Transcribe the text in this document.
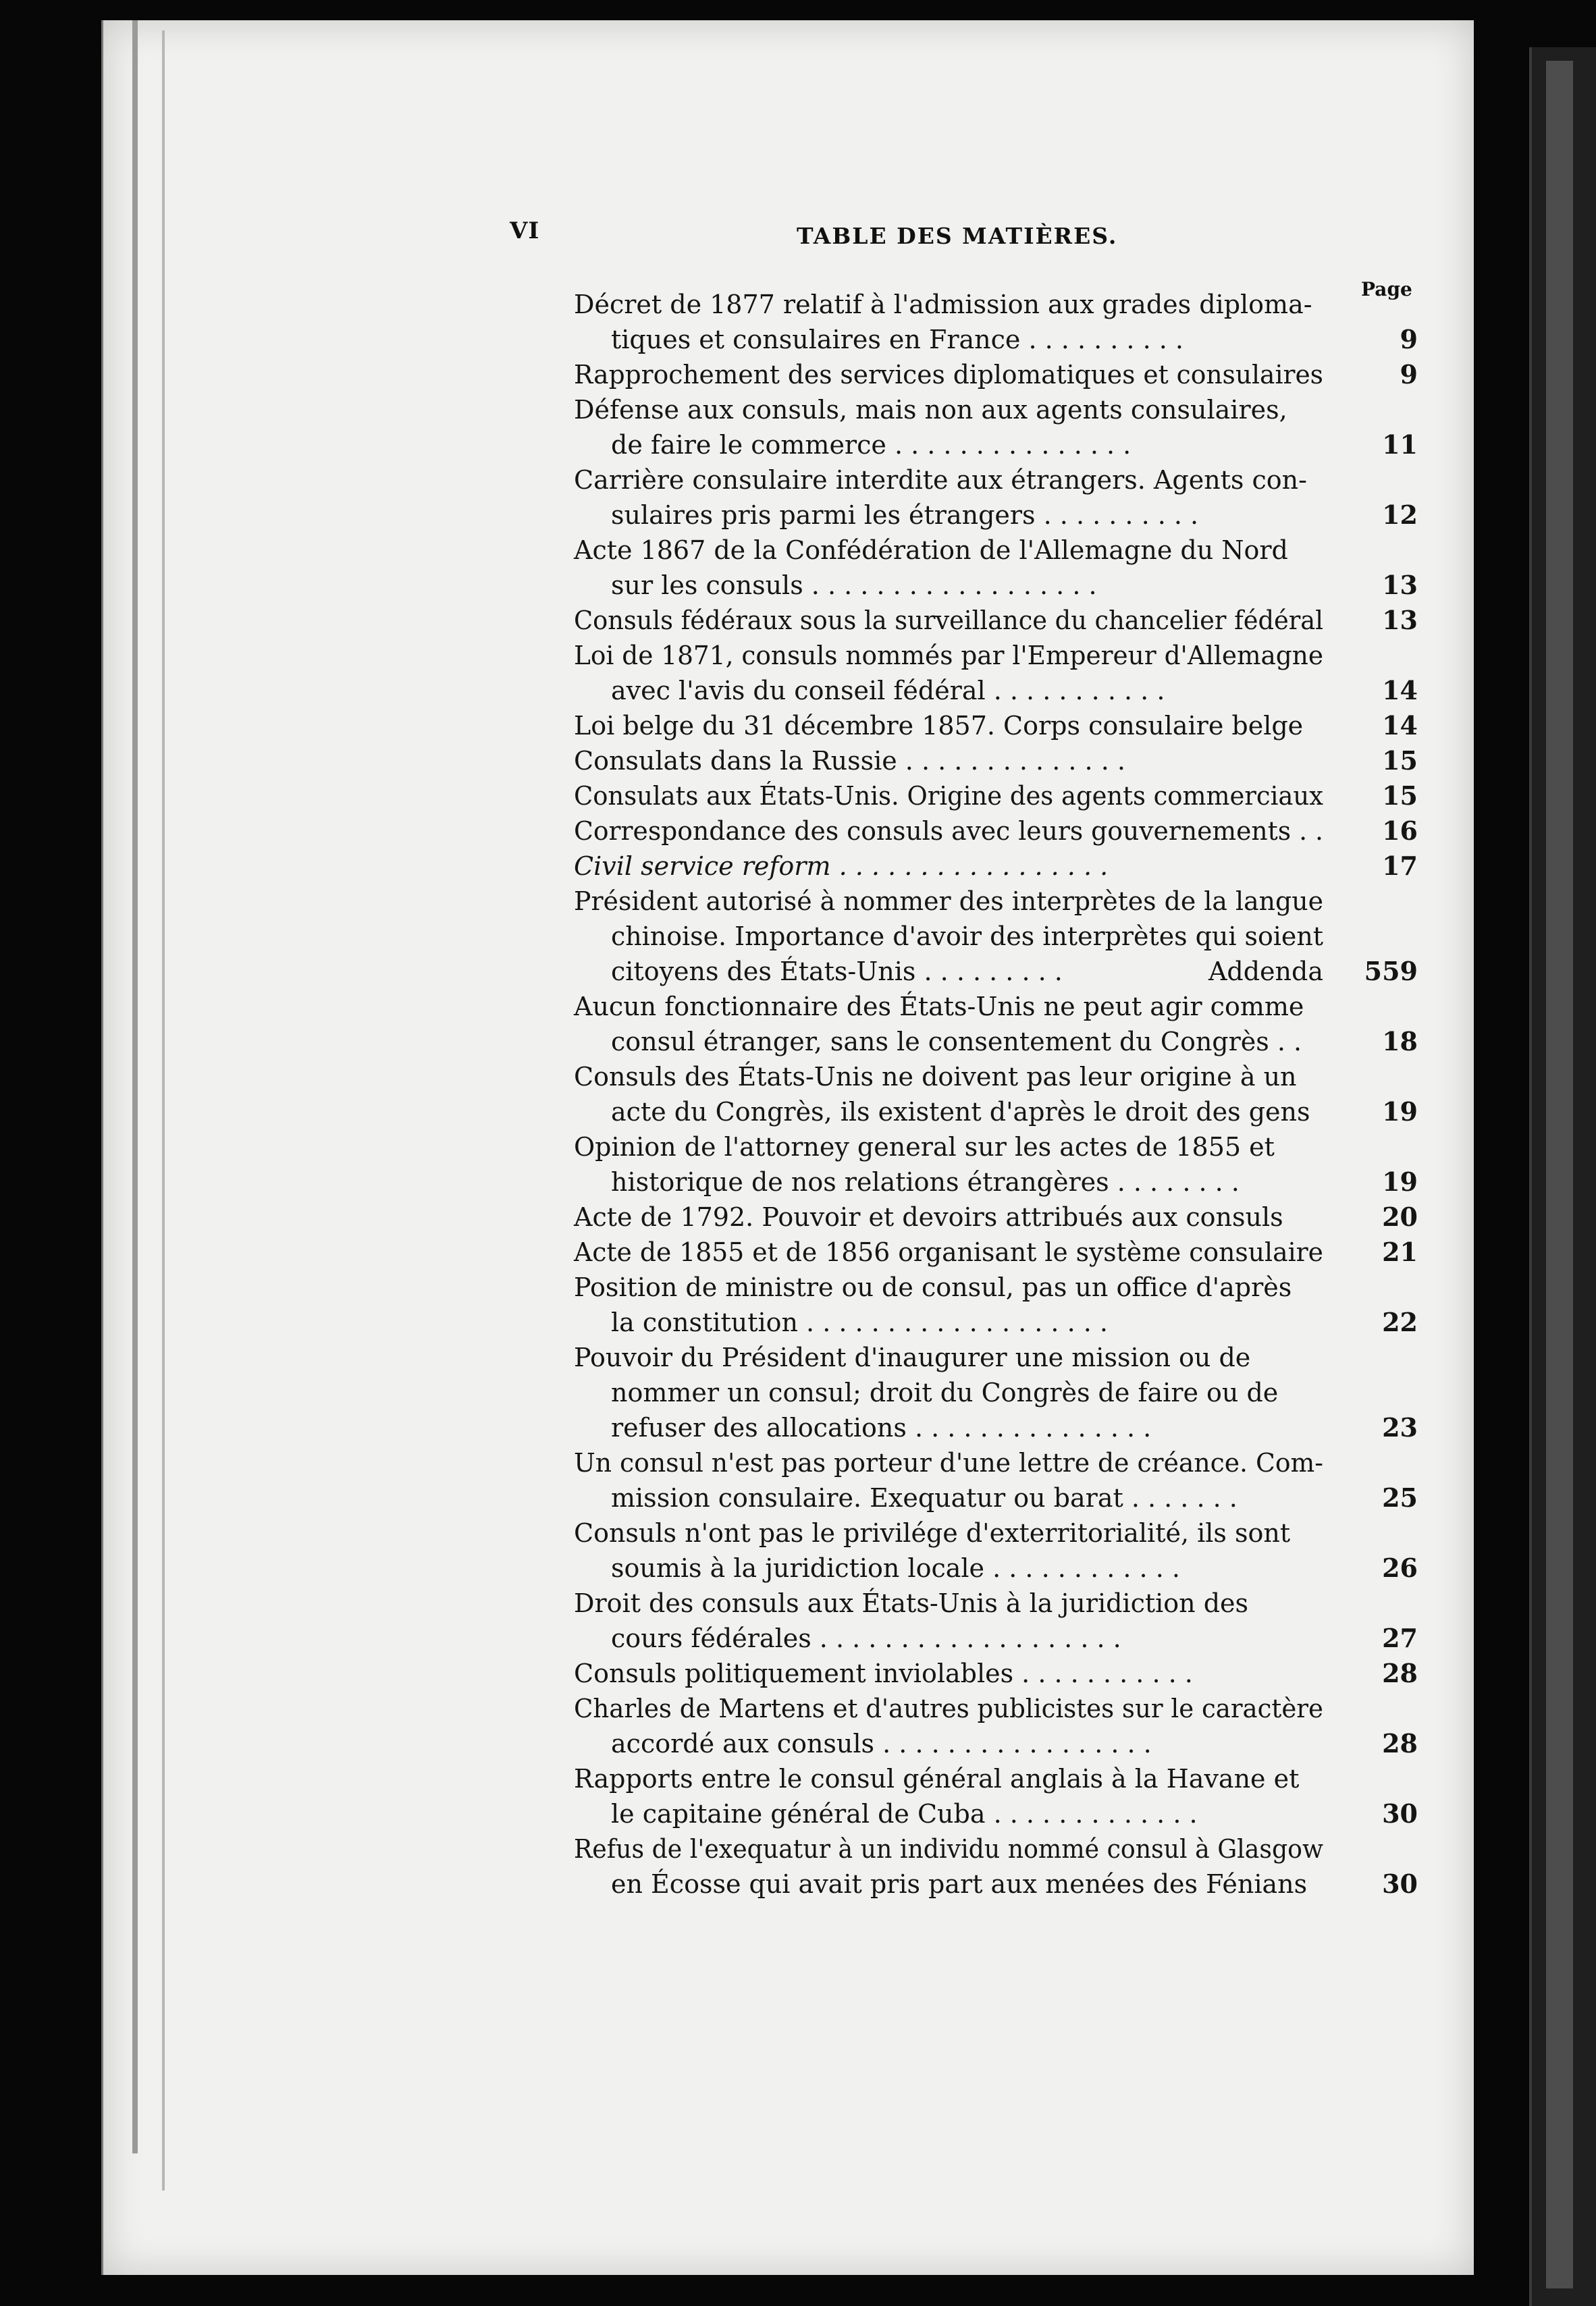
VI	TABLE DES MATIÈRES.
Page
Décret de 1877 relatif à l'admission aux grades diploma-
tiques et consulaires en France . . . . . . . . . .	9
Rapprochement des services diplomatiques et consulaires	9
Défense aux consuls, mais non aux agents consulaires,
de faire le commerce . . . . . . . . . . . . . . .	11
Carrière consulaire interdite aux étrangers. Agents con-
sulaires pris parmi les étrangers . . . . . . . . . .	12
Acte 1867 de la Confédération de l'Allemagne du Nord
sur les consuls . . . . . . . . . . . . . . . . . .	13
Consuls fédéraux sous la surveillance du chancelier fédéral	13
Loi de 1871, consuls nommés par l'Empereur d'Allemagne
avec l'avis du conseil fédéral . . . . . . . . . . .	14
Loi belge du 31 décembre 1857. Corps consulaire belge	14
Consulats dans la Russie . . . . . . . . . . . . . .	15
Consulats aux États-Unis. Origine des agents commerciaux	15
Correspondance des consuls avec leurs gouvernements . .	16
Civil service reform . . . . . . . . . . . . . . . . .	17
Président autorisé à nommer des interprètes de la langue
chinoise. Importance d'avoir des interprètes qui soient
citoyens des États-Unis . . . . . . . . .	Addenda	559
Aucun fonctionnaire des États-Unis ne peut agir comme
consul étranger, sans le consentement du Congrès . .	18
Consuls des États-Unis ne doivent pas leur origine à un
acte du Congrès, ils existent d'après le droit des gens	19
Opinion de l'attorney general sur les actes de 1855 et
historique de nos relations étrangères . . . . . . . .	19
Acte de 1792. Pouvoir et devoirs attribués aux consuls	20
Acte de 1855 et de 1856 organisant le système consulaire	21
Position de ministre ou de consul, pas un office d'après
la constitution . . . . . . . . . . . . . . . . . . .	22
Pouvoir du Président d'inaugurer une mission ou de
nommer un consul; droit du Congrès de faire ou de
refuser des allocations . . . . . . . . . . . . . . .	23
Un consul n'est pas porteur d'une lettre de créance. Com-
mission consulaire. Exequatur ou barat . . . . . . .	25
Consuls n'ont pas le privilége d'exterritorialité, ils sont
soumis à la juridiction locale . . . . . . . . . . . .	26
Droit des consuls aux États-Unis à la juridiction des
cours fédérales . . . . . . . . . . . . . . . . . . .	27
Consuls politiquement inviolables . . . . . . . . . . .	28
Charles de Martens et d'autres publicistes sur le caractère
accordé aux consuls . . . . . . . . . . . . . . . . .	28
Rapports entre le consul général anglais à la Havane et
le capitaine général de Cuba . . . . . . . . . . . . .	30
Refus de l'exequatur à un individu nommé consul à Glasgow
en Écosse qui avait pris part aux menées des Fénians	30
